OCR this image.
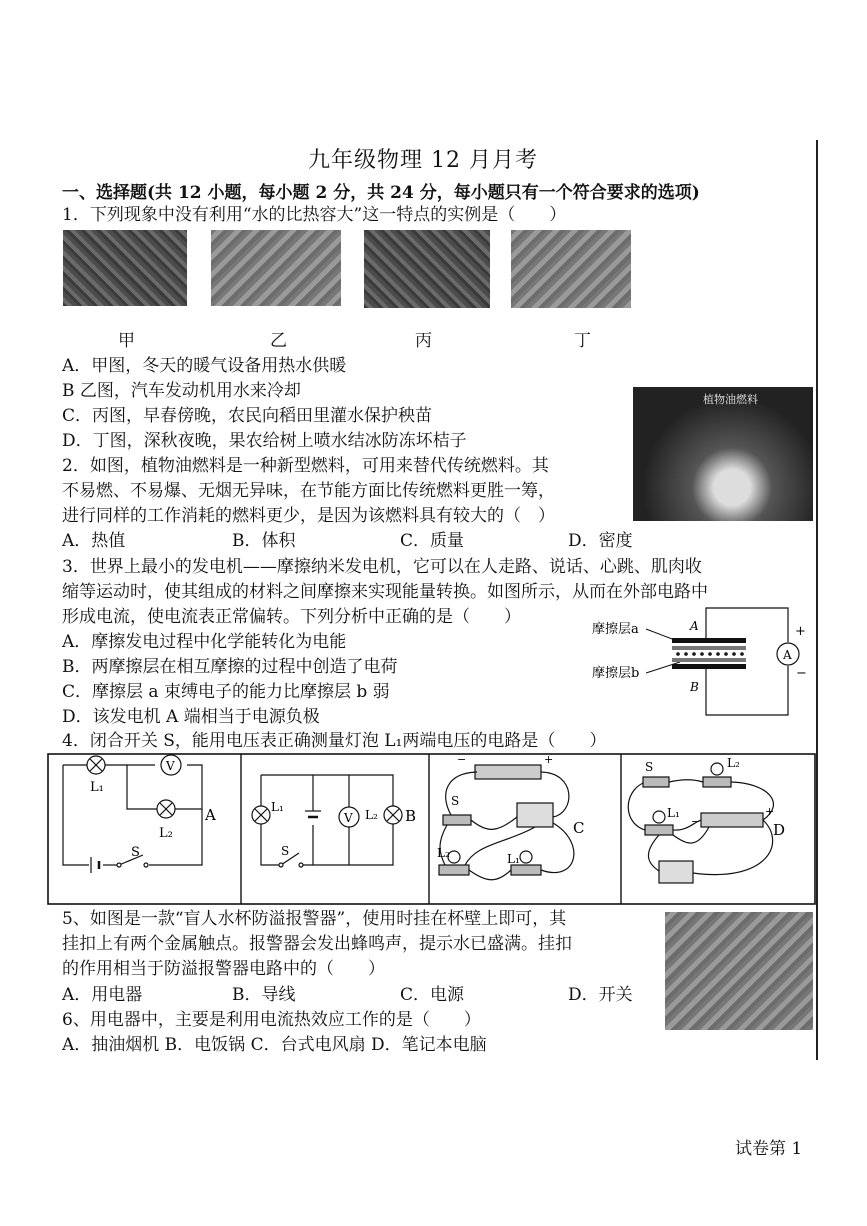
九年级物理 12 月月考
一、选择题(共 12 小题，每小题 2 分，共 24 分，每小题只有一个符合要求的选项)
1．下列现象中没有利用“水的比热容大”这一特点的实例是（　　）
甲	乙	丙	丁
A．甲图，冬天的暖气设备用热水供暖
B 乙图，汽车发动机用水来冷却
C．丙图，早春傍晚，农民向稻田里灌水保护秧苗
D．丁图，深秋夜晚，果农给树上喷水结冰防冻坏桔子
植物油燃料
2．如图，植物油燃料是一种新型燃料，可用来替代传统燃料。其
不易燃、不易爆、无烟无异味，在节能方面比传统燃料更胜一筹，
进行同样的工作消耗的燃料更少，是因为该燃料具有较大的（　）
A．热值	B．体积	C．质量	D．密度
3．世界上最小的发电机——摩擦纳米发电机，它可以在人走路、说话、心跳、肌肉收
缩等运动时，使其组成的材料之间摩擦来实现能量转换。如图所示，从而在外部电路中
形成电流，使电流表正常偏转。下列分析中正确的是（　　）
A．摩擦发电过程中化学能转化为电能
B．两摩擦层在相互摩擦的过程中创造了电荷
C．摩擦层 a 束缚电子的能力比摩擦层 b 弱
D．该发电机 A 端相当于电源负极
摩擦层a
摩擦层b
A
B
A
+
−
4．闭合开关 S，能用电压表正确测量灯泡 L₁两端电压的电路是（　　）
V
L₁
L₂
S
A	V
L₁
L₂
S
B
−	+
S
L₂	L₁
C
S	L₂
L₁
−
+
D
5、如图是一款“盲人水杯防溢报警器”，使用时挂在杯壁上即可，其
挂扣上有两个金属触点。报警器会发出蜂鸣声，提示水已盛满。挂扣
的作用相当于防溢报警器电路中的（　　）
A．用电器	B．导线	C．电源	D．开关
6、用电器中，主要是利用电流热效应工作的是（　　）
A．抽油烟机 B．电饭锅 C．台式电风扇 D．笔记本电脑
试卷第 1
